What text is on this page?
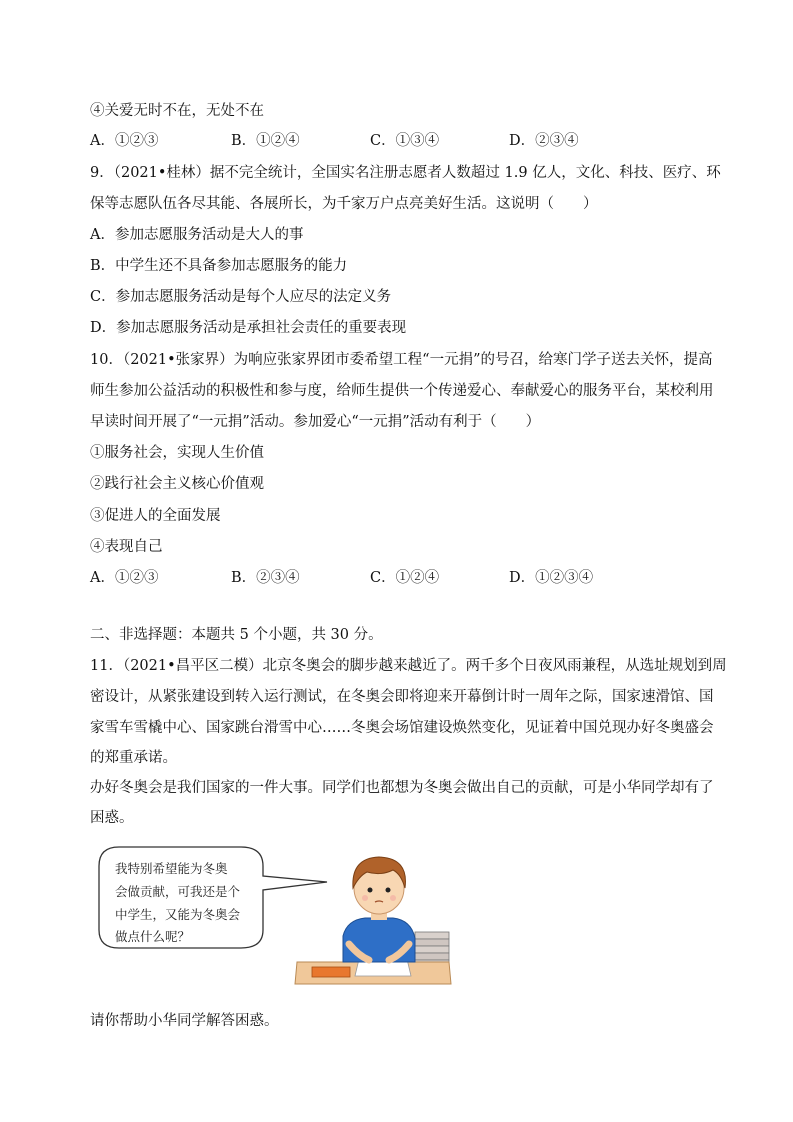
④关爱无时不在，无处不在
A．①②③	B．①②④	C．①③④	D．②③④
9．（2021•桂林）据不完全统计，全国实名注册志愿者人数超过 1.9 亿人，文化、科技、医疗、环
保等志愿队伍各尽其能、各展所长，为千家万户点亮美好生活。这说明（　　）
A．参加志愿服务活动是大人的事
B．中学生还不具备参加志愿服务的能力
C．参加志愿服务活动是每个人应尽的法定义务
D．参加志愿服务活动是承担社会责任的重要表现
10．（2021•张家界）为响应张家界团市委希望工程“一元捐”的号召，给寒门学子送去关怀，提高
师生参加公益活动的积极性和参与度，给师生提供一个传递爱心、奉献爱心的服务平台，某校利用
早读时间开展了“一元捐”活动。参加爱心“一元捐”活动有利于（　　）
①服务社会，实现人生价值
②践行社会主义核心价值观
③促进人的全面发展
④表现自己
A．①②③	B．②③④	C．①②④	D．①②③④
二、非选择题：本题共 5 个小题，共 30 分。
11．（2021•昌平区二模）北京冬奥会的脚步越来越近了。两千多个日夜风雨兼程，从选址规划到周
密设计，从紧张建设到转入运行测试，在冬奥会即将迎来开幕倒计时一周年之际，国家速滑馆、国
家雪车雪橇中心、国家跳台滑雪中心……冬奥会场馆建设焕然变化，见证着中国兑现办好冬奥盛会
的郑重承诺。
办好冬奥会是我们国家的一件大事。同学们也都想为冬奥会做出自己的贡献，可是小华同学却有了
困惑。
我特别希望能为冬奥
会做贡献，可我还是个
中学生，又能为冬奥会
做点什么呢？
请你帮助小华同学解答困惑。
